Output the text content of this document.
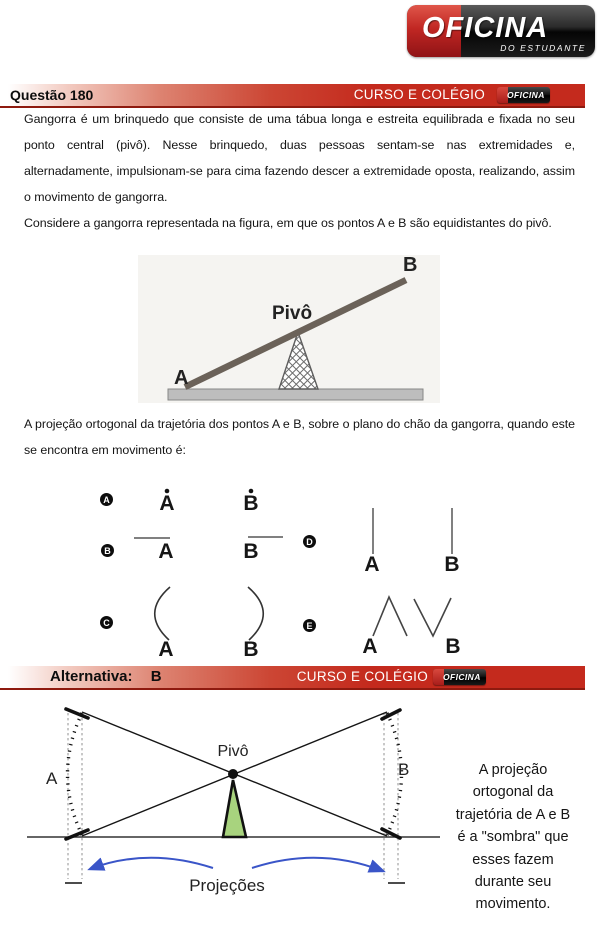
OFICINA
DO ESTUDANTE
Questão 180	CURSO E COLÉGIO	OFICINA

Gangorra é um brinquedo que consiste de uma tábua longa e estreita equilibrada e fixada no seu ponto central (pivô). Nesse brinquedo, duas pessoas sentam-se nas extremidades e, alternadamente, impulsionam-se para cima fazendo descer a extremidade oposta, realizando, assim o movimento de gangorra.

Considere a gangorra representada na figura, em que os pontos A e B são equidistantes do pivô.

A
B
Pivô

A projeção ortogonal da trajetória dos pontos A e B, sobre o plano do chão da gangorra, quando este se encontra em movimento é:

A
B
C
D
E
A	B
A	B
A	B
A	B
A	B
Alternativa: B	CURSO E COLÉGIO OFICINA
Pivô
A	B
Projeções
A projeção
ortogonal da
trajetória de A e B
é a "sombra" que
esses fazem
durante seu
movimento.
